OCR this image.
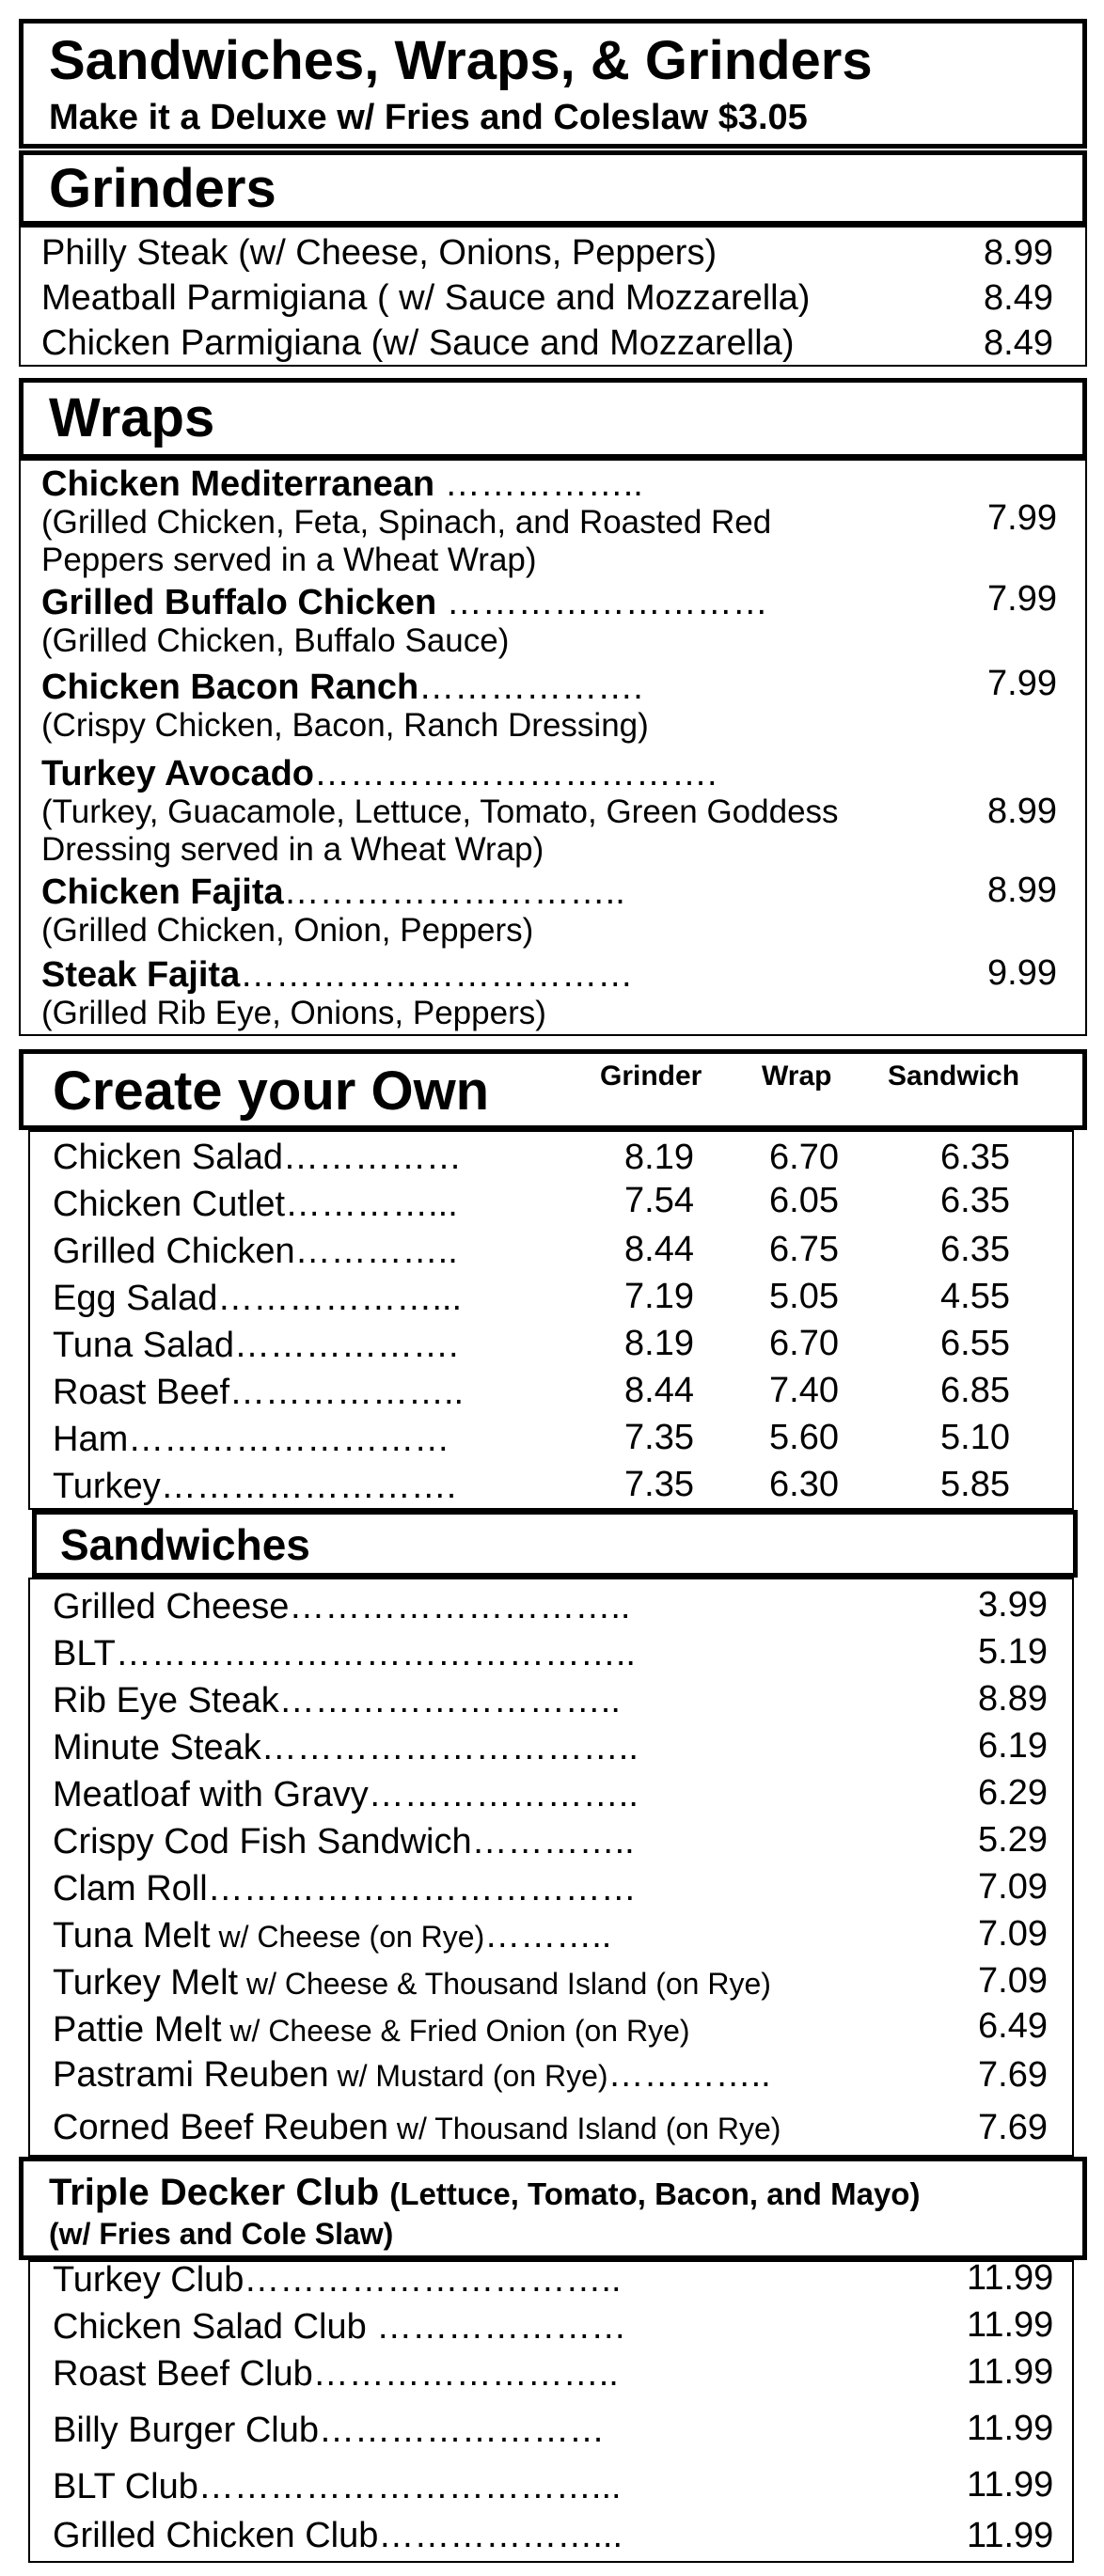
Sandwiches, Wraps, & Grinders
Make it a Deluxe w/ Fries and Coleslaw $3.05
Grinders
Philly Steak (w/ Cheese, Onions, Peppers)	8.99
Meatball Parmigiana ( w/ Sauce and Mozzarella)	8.49
Chicken Parmigiana (w/ Sauce and Mozzarella)	8.49
Wraps
Chicken Mediterranean ……………..
(Grilled Chicken, Feta, Spinach, and Roasted Red
Peppers served in a Wheat Wrap)
7.99
Grilled Buffalo Chicken ………………………
(Grilled Chicken, Buffalo Sauce)
7.99
Chicken Bacon Ranch……………….
(Crispy Chicken, Bacon, Ranch Dressing)
7.99
Turkey Avocado…………………………….
(Turkey, Guacamole, Lettuce, Tomato, Green Goddess
Dressing served in a Wheat Wrap)
8.99
Chicken Fajita………………………..
(Grilled Chicken, Onion, Peppers)
8.99
Steak Fajita……………………………
(Grilled Rib Eye, Onions, Peppers)
9.99
Create your Own	Grinder Wrap Sandwich
Chicken Salad……………	8.19 6.70	6.35
Chicken Cutlet…………...	7.54 6.05	6.35
Grilled Chicken…………..	8.44 6.75	6.35
Egg Salad………………...	7.19 5.05	4.55
Tuna Salad……………….	8.19 6.70	6.55
Roast Beef………………..	8.44 7.40	6.85
Ham………………………	7.35 5.60	5.10
Turkey…………………….	7.35 6.30	5.85
Sandwiches
Grilled Cheese………………………..	3.99
BLT……………………………………..	5.19
Rib Eye Steak………………………..	8.89
Minute Steak…………………………..	6.19
Meatloaf with Gravy…………………..	6.29
Crispy Cod Fish Sandwich…………..	5.29
Clam Roll………………………………	7.09
Tuna Melt w/ Cheese (on Rye)………..	7.09
Turkey Melt w/ Cheese & Thousand Island (on Rye)	7.09
Pattie Melt w/ Cheese & Fried Onion (on Rye)	6.49
Pastrami Reuben w/ Mustard (on Rye)…………..	7.69
Corned Beef Reuben w/ Thousand Island (on Rye)	7.69
Triple Decker Club (Lettuce, Tomato, Bacon, and Mayo)
(w/ Fries and Cole Slaw)
Turkey Club…………………………..	11.99
Chicken Salad Club …………………	11.99
Roast Beef Club……………………..	11.99
Billy Burger Club……………………	11.99
BLT Club……………………………...	11.99
Grilled Chicken Club………………...	11.99
